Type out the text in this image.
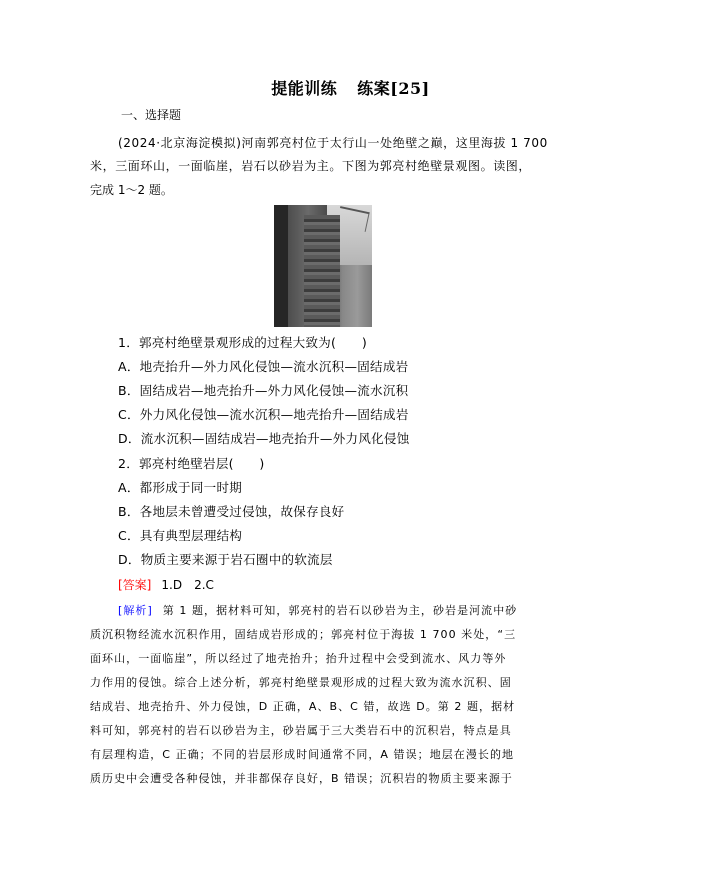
提能训练 练案[25]
一、选择题
(2024·北京海淀模拟)河南郭亮村位于太行山一处绝壁之巅，这里海拔 1 700
米，三面环山，一面临崖，岩石以砂岩为主。下图为郭亮村绝壁景观图。读图，
完成 1～2 题。
1．郭亮村绝壁景观形成的过程大致为(　　)
A．地壳抬升—外力风化侵蚀—流水沉积—固结成岩
B．固结成岩—地壳抬升—外力风化侵蚀—流水沉积
C．外力风化侵蚀—流水沉积—地壳抬升—固结成岩
D．流水沉积—固结成岩—地壳抬升—外力风化侵蚀
2．郭亮村绝壁岩层(　　)
A．都形成于同一时期
B．各地层未曾遭受过侵蚀，故保存良好
C．具有典型层理结构
D．物质主要来源于岩石圈中的软流层
[答案] 1.D　2.C
[解析] 第 1 题，据材料可知，郭亮村的岩石以砂岩为主，砂岩是河流中砂
质沉积物经流水沉积作用，固结成岩形成的；郭亮村位于海拔 1 700 米处，“三
面环山，一面临崖”，所以经过了地壳抬升；抬升过程中会受到流水、风力等外
力作用的侵蚀。综合上述分析，郭亮村绝壁景观形成的过程大致为流水沉积、固
结成岩、地壳抬升、外力侵蚀，D 正确，A、B、C 错，故选 D。第 2 题，据材
料可知，郭亮村的岩石以砂岩为主，砂岩属于三大类岩石中的沉积岩，特点是具
有层理构造，C 正确；不同的岩层形成时间通常不同，A 错误；地层在漫长的地
质历史中会遭受各种侵蚀，并非都保存良好，B 错误；沉积岩的物质主要来源于
